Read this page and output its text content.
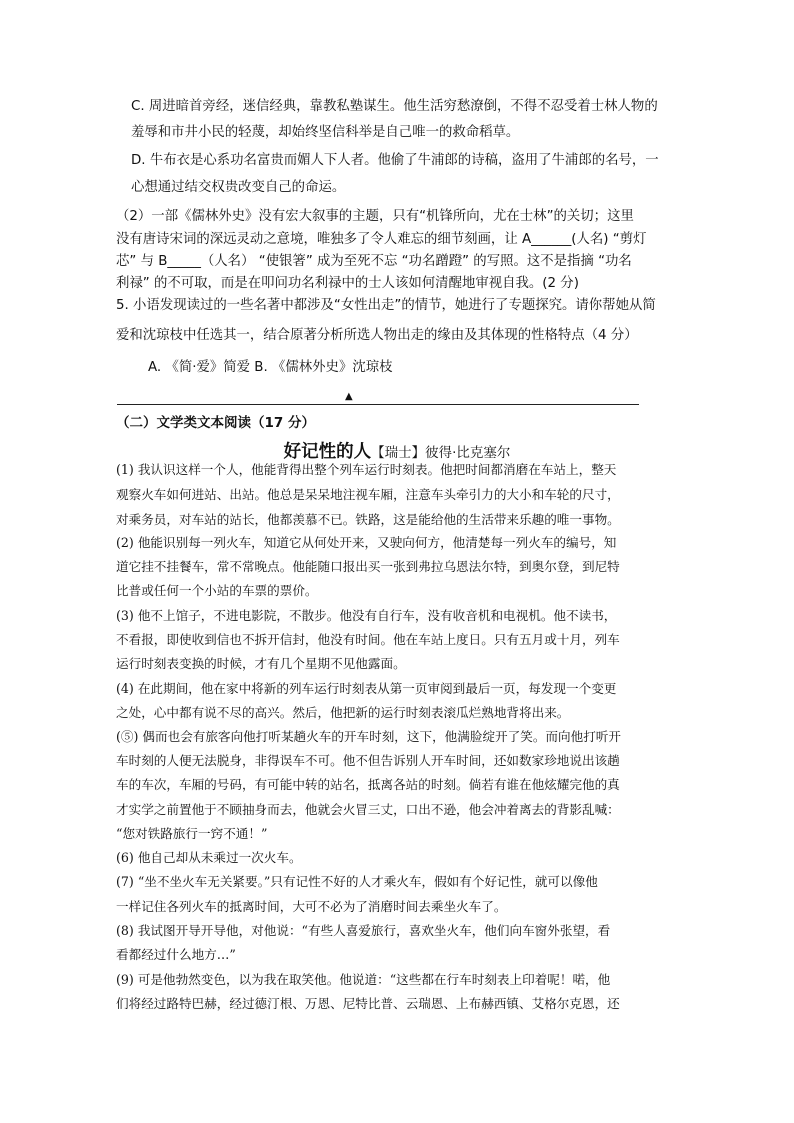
C. 周进暗首旁经，迷信经典，靠教私塾谋生。他生活穷愁潦倒，不得不忍受着士林人物的
羞辱和市井小民的轻蔑，却始终坚信科举是自己唯一的救命稻草。
D. 牛布衣是心系功名富贵而媚人下人者。他偷了牛浦郎的诗稿，盗用了牛浦郎的名号，一
心想通过结交权贵改变自己的命运。
（2）一部《儒林外史》没有宏大叙事的主题，只有“机锋所向，尤在士林”的关切；这里
没有唐诗宋词的深远灵动之意境，唯独多了令人难忘的细节刻画，让 A______(人名) “剪灯
芯” 与 B_____（人名） “使银箸” 成为至死不忘 “功名蹭蹬” 的写照。这不是指摘 “功名
利禄” 的不可取，而是在叩问功名利禄中的士人该如何清醒地审视自我。(2 分)
5. 小语发现读过的一些名著中都涉及“女性出走”的情节，她进行了专题探究。请你帮她从简
爱和沈琼枝中任选其一，结合原著分析所选人物出走的缘由及其体现的性格特点（4 分）
A. 《简·爱》简爱 B. 《儒林外史》沈琼枝
▲
（二）文学类文本阅读（17 分）
好记性的人【瑞士】彼得·比克塞尔
(1) 我认识这样一个人，他能背得出整个列车运行时刻表。他把时间都消磨在车站上，整天
观察火车如何进站、出站。他总是呆呆地注视车厢，注意车头牵引力的大小和车轮的尺寸，
对乘务员，对车站的站长，他都羡慕不已。铁路，这是能给他的生活带来乐趣的唯一事物。
(2) 他能识别每一列火车，知道它从何处开来，又驶向何方，他清楚每一列火车的编号，知
道它挂不挂餐车，常不常晚点。他能随口报出买一张到弗拉乌恩法尔特，到奥尔登，到尼特
比普或任何一个小站的车票的票价。
(3) 他不上馆子，不进电影院，不散步。他没有自行车，没有收音机和电视机。他不读书，
不看报，即使收到信也不拆开信封，他没有时间。他在车站上度日。只有五月或十月，列车
运行时刻表变换的时候，才有几个星期不见他露面。
(4) 在此期间，他在家中将新的列车运行时刻表从第一页审阅到最后一页，每发现一个变更
之处，心中都有说不尽的高兴。然后，他把新的运行时刻表滚瓜烂熟地背将出来。
(⑤) 偶而也会有旅客向他打听某趟火车的开车时刻，这下，他满脸绽开了笑。而向他打听开
车时刻的人便无法脱身，非得误车不可。他不但告诉别人开车时间，还如数家珍地说出该趟
车的车次，车厢的号码，有可能中转的站名，抵离各站的时刻。倘若有谁在他炫耀完他的真
才实学之前置他于不顾抽身而去，他就会火冒三丈，口出不逊，他会冲着离去的背影乱喊：
“您对铁路旅行一窍不通！”
(6) 他自己却从未乘过一次火车。
(7) “坐不坐火车无关紧要。”只有记性不好的人才乘火车，假如有个好记性，就可以像他
一样记住各列火车的抵离时间，大可不必为了消磨时间去乘坐火车了。
(8) 我试图开导开导他，对他说：“有些人喜爱旅行，喜欢坐火车，他们向车窗外张望，看
看都经过什么地方…”
(9) 可是他勃然变色，以为我在取笑他。他说道：“这些都在行车时刻表上印着呢！喏，他
们将经过路特巴赫，经过德汀根、万恩、尼特比普、云瑞恩、上布赫西镇、艾格尔克恩，还
